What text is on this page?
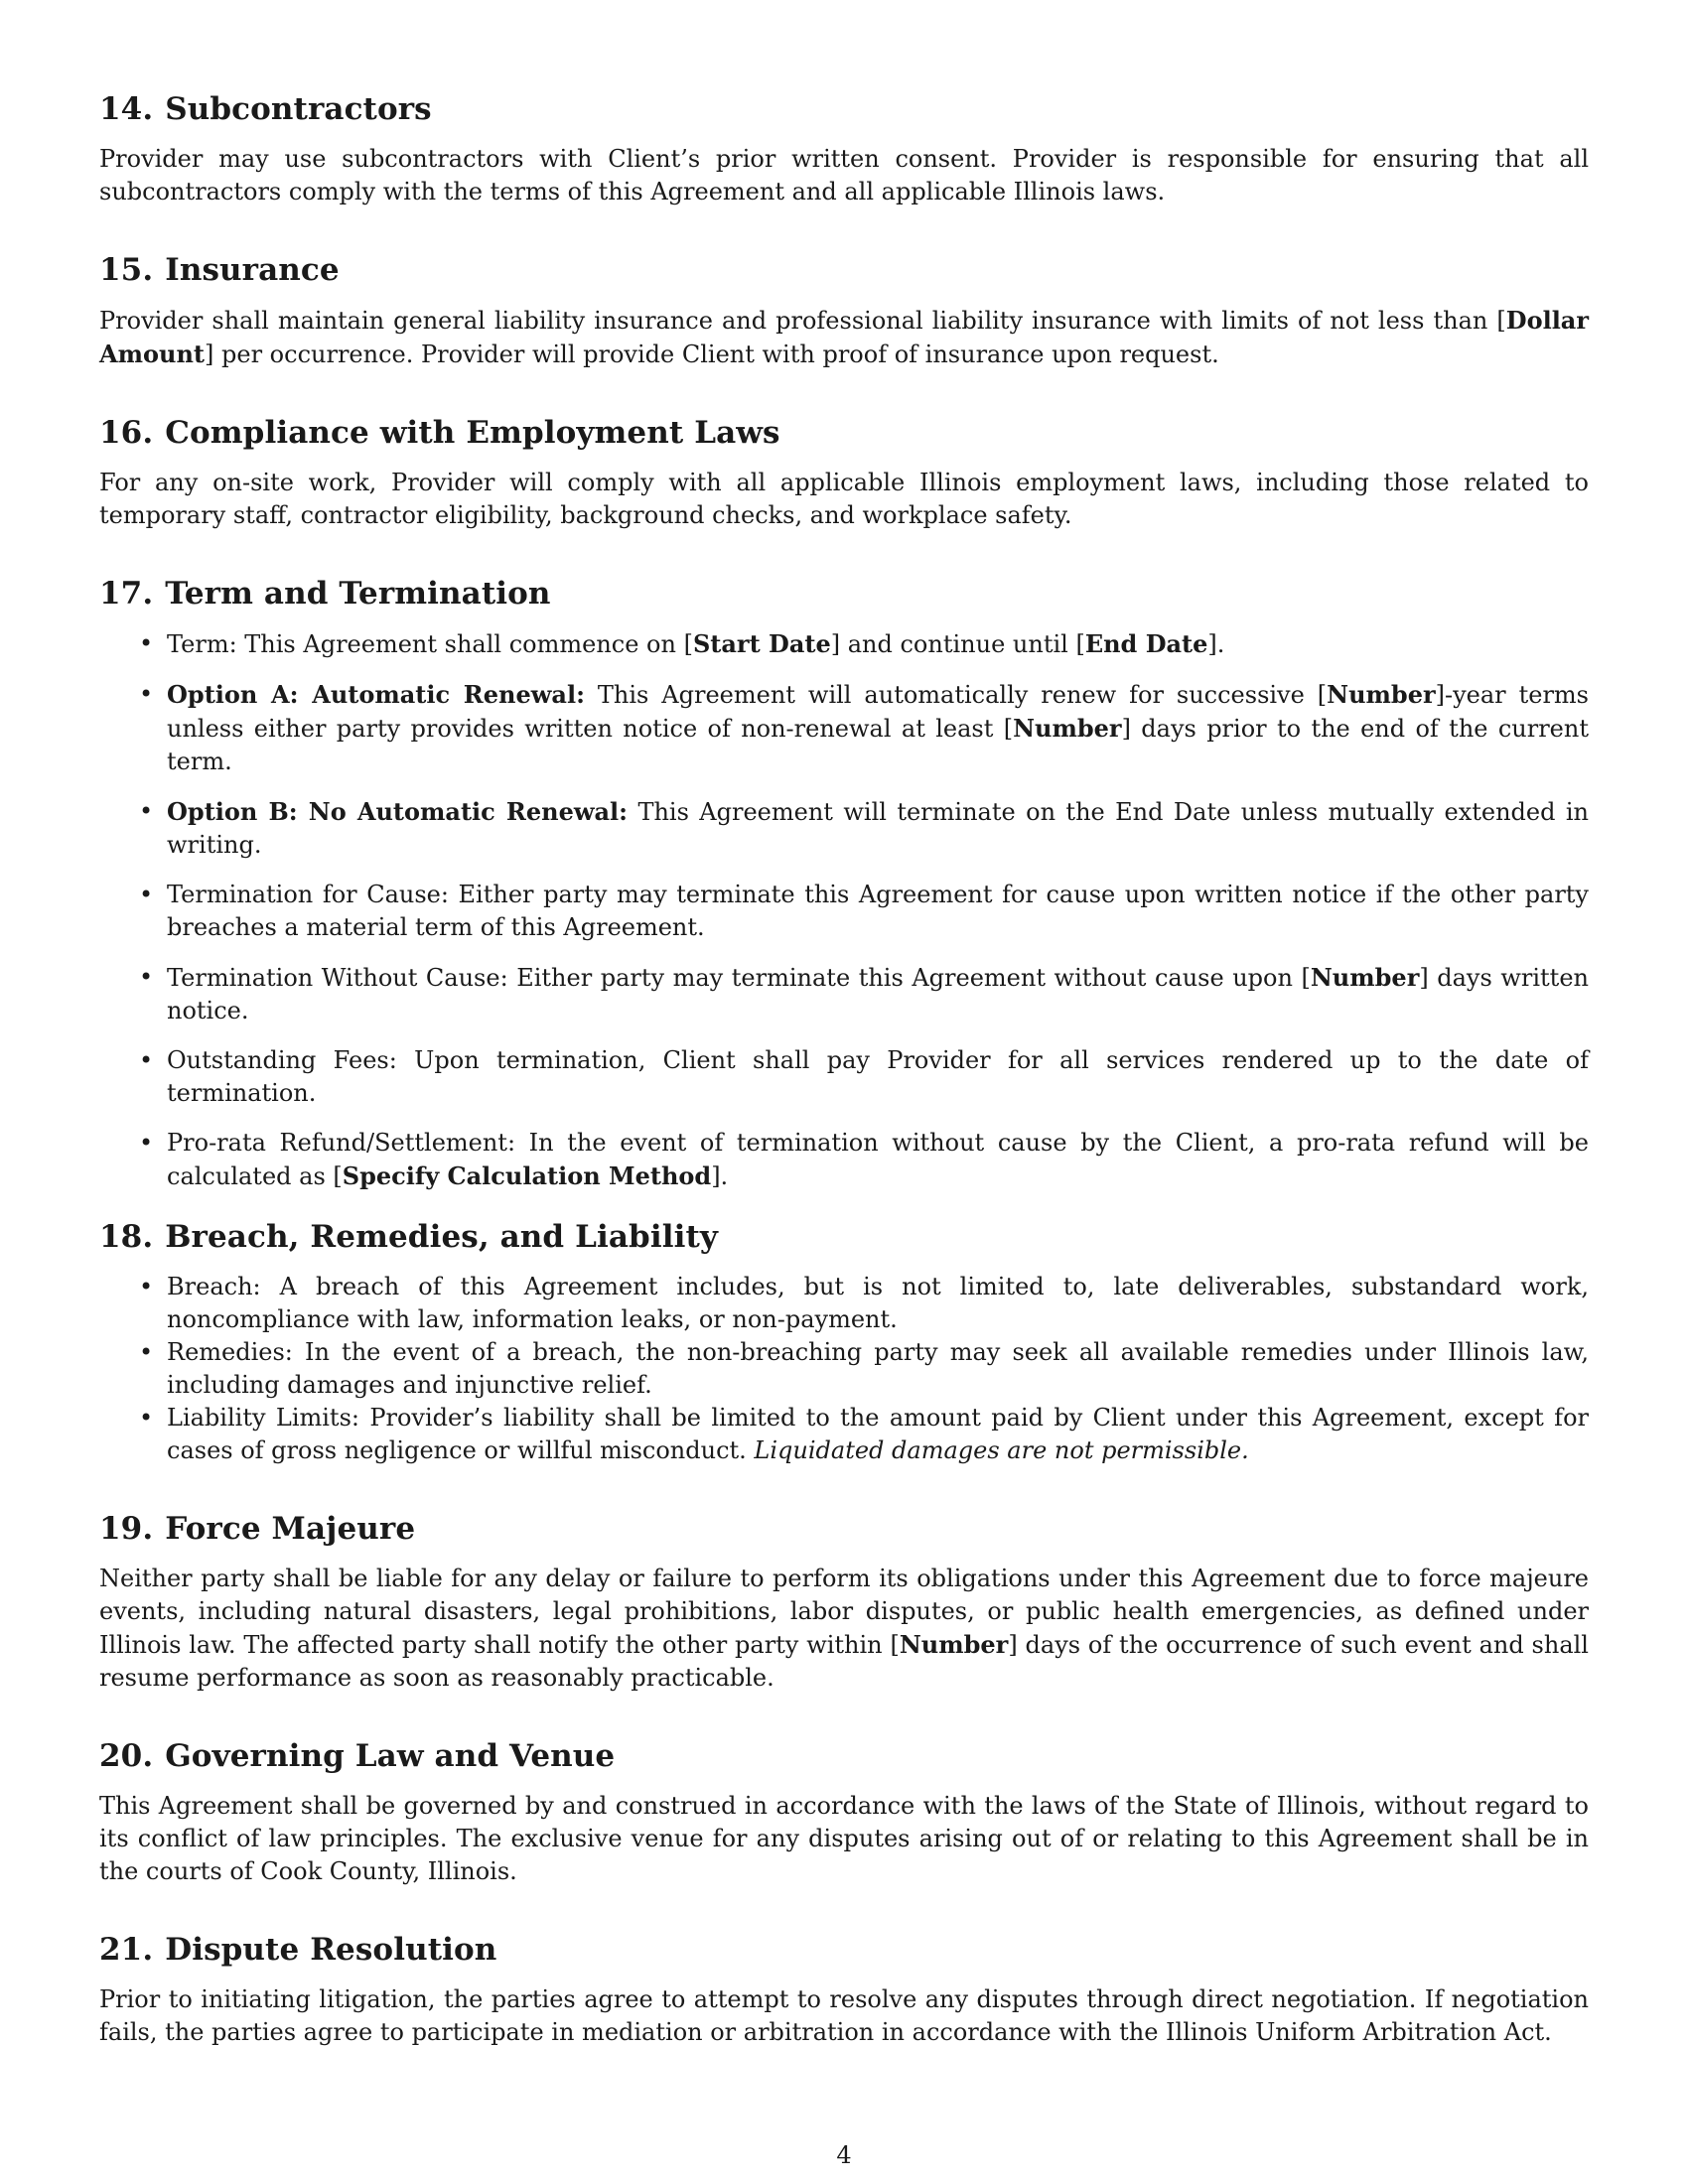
14. Subcontractors

Provider may use subcontractors with Client’s prior written consent. Provider is responsible for ensuring that all subcontractors comply with the terms of this Agreement and all applicable Illinois laws.

15. Insurance

Provider shall maintain general liability insurance and professional liability insurance with limits of not less than [Dollar Amount] per occurrence. Provider will provide Client with proof of insurance upon request.

16. Compliance with Employment Laws

For any on-site work, Provider will comply with all applicable Illinois employment laws, including those related to temporary staff, contractor eligibility, background checks, and workplace safety.

17. Term and Termination
• Term: This Agreement shall commence on [Start Date] and continue until [End Date].
• Option A: Automatic Renewal: This Agreement will automatically renew for successive [Number]-year terms unless either party provides written notice of non-renewal at least [Number] days prior to the end of the current term.
• Option B: No Automatic Renewal: This Agreement will terminate on the End Date unless mutually extended in writing.
• Termination for Cause: Either party may terminate this Agreement for cause upon written notice if the other party breaches a material term of this Agreement.
• Termination Without Cause: Either party may terminate this Agreement without cause upon [Number] days written notice.
• Outstanding Fees: Upon termination, Client shall pay Provider for all services rendered up to the date of termination.
• Pro-rata Refund/Settlement: In the event of termination without cause by the Client, a pro-rata refund will be calculated as [Specify Calculation Method].
18. Breach, Remedies, and Liability
• Breach: A breach of this Agreement includes, but is not limited to, late deliverables, substandard work, noncompliance with law, information leaks, or non-payment.
• Remedies: In the event of a breach, the non-breaching party may seek all available remedies under Illinois law, including damages and injunctive relief.
• Liability Limits: Provider’s liability shall be limited to the amount paid by Client under this Agreement, except for cases of gross negligence or willful misconduct. Liquidated damages are not permissible.
19. Force Majeure

Neither party shall be liable for any delay or failure to perform its obligations under this Agreement due to force majeure events, including natural disasters, legal prohibitions, labor disputes, or public health emergencies, as defined under Illinois law. The affected party shall notify the other party within [Number] days of the occurrence of such event and shall resume performance as soon as reasonably practicable.

20. Governing Law and Venue

This Agreement shall be governed by and construed in accordance with the laws of the State of Illinois, without regard to its conflict of law principles. The exclusive venue for any disputes arising out of or relating to this Agreement shall be in the courts of Cook County, Illinois.

21. Dispute Resolution

Prior to initiating litigation, the parties agree to attempt to resolve any disputes through direct negotiation. If negotiation fails, the parties agree to participate in mediation or arbitration in accordance with the Illinois Uniform Arbitration Act.

4
